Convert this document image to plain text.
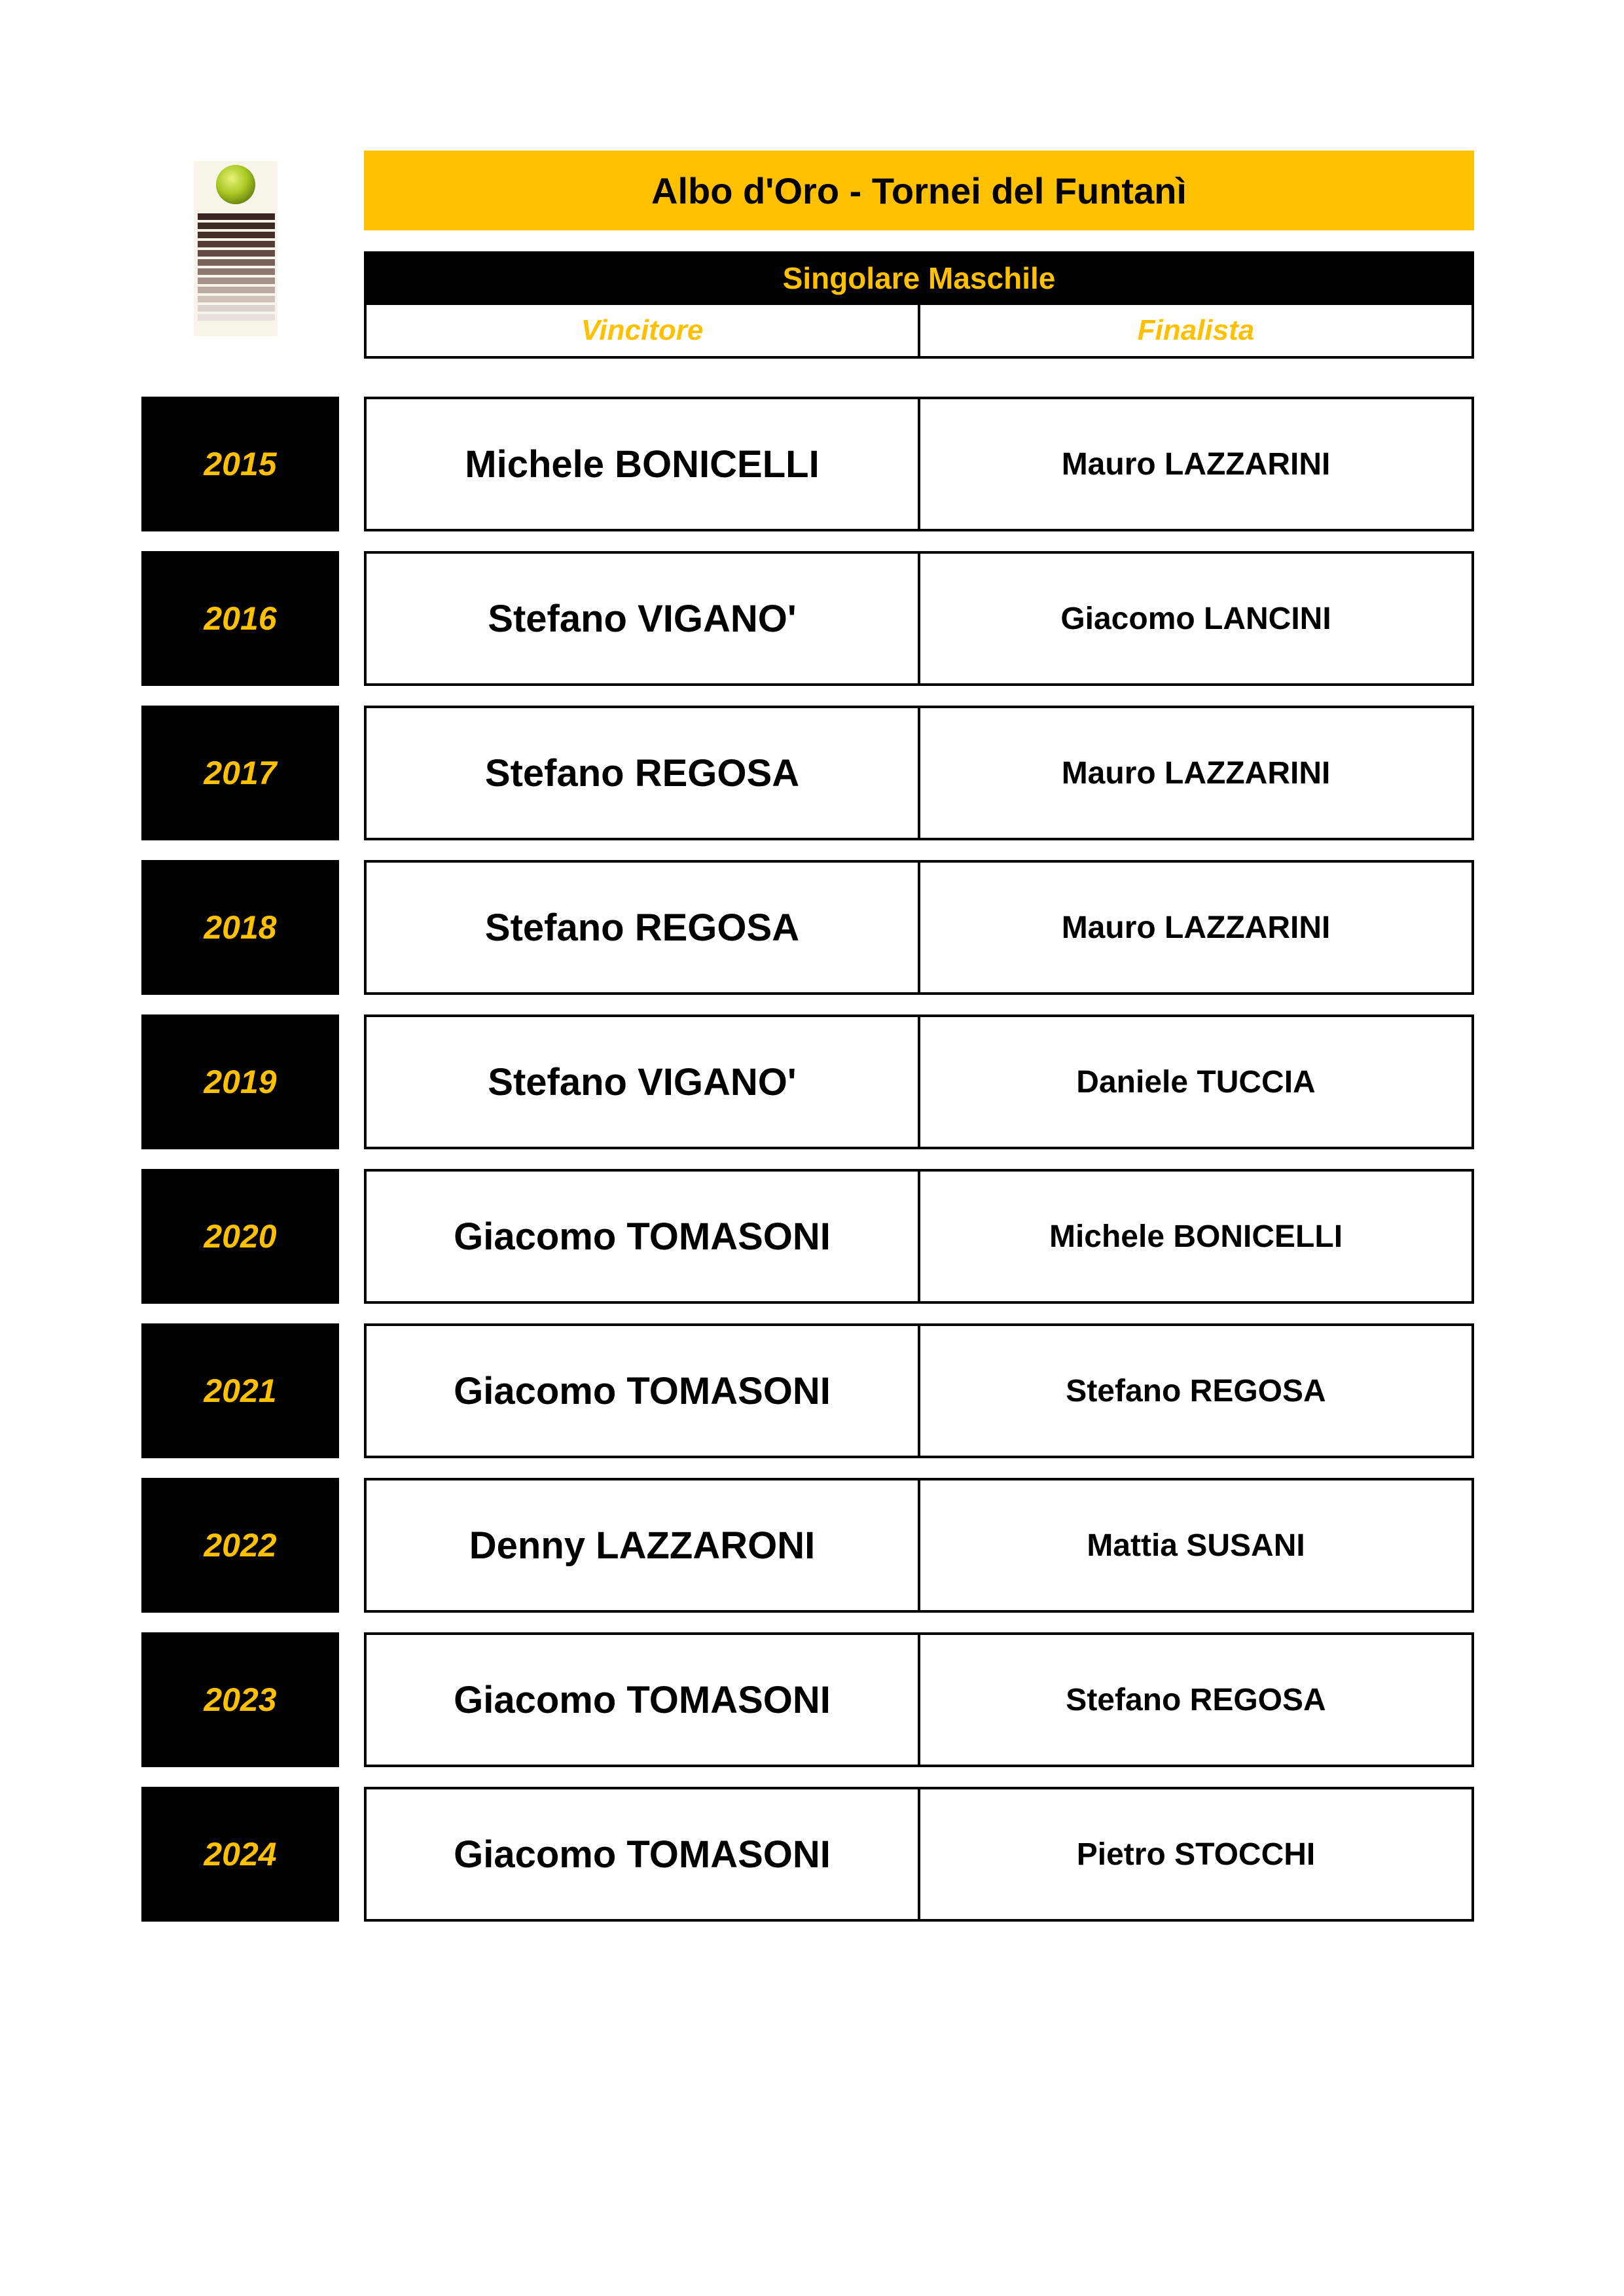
Albo d'Oro - Tornei del Funtanì
Singolare Maschile
Vincitore	Finalista
2015	Michele BONICELLI	Mauro LAZZARINI
2016	Stefano VIGANO'	Giacomo LANCINI
2017	Stefano REGOSA	Mauro LAZZARINI
2018	Stefano REGOSA	Mauro LAZZARINI
2019	Stefano VIGANO'	Daniele TUCCIA
2020	Giacomo TOMASONI	Michele BONICELLI
2021	Giacomo TOMASONI	Stefano REGOSA
2022	Denny LAZZARONI	Mattia SUSANI
2023	Giacomo TOMASONI	Stefano REGOSA
2024	Giacomo TOMASONI	Pietro STOCCHI
